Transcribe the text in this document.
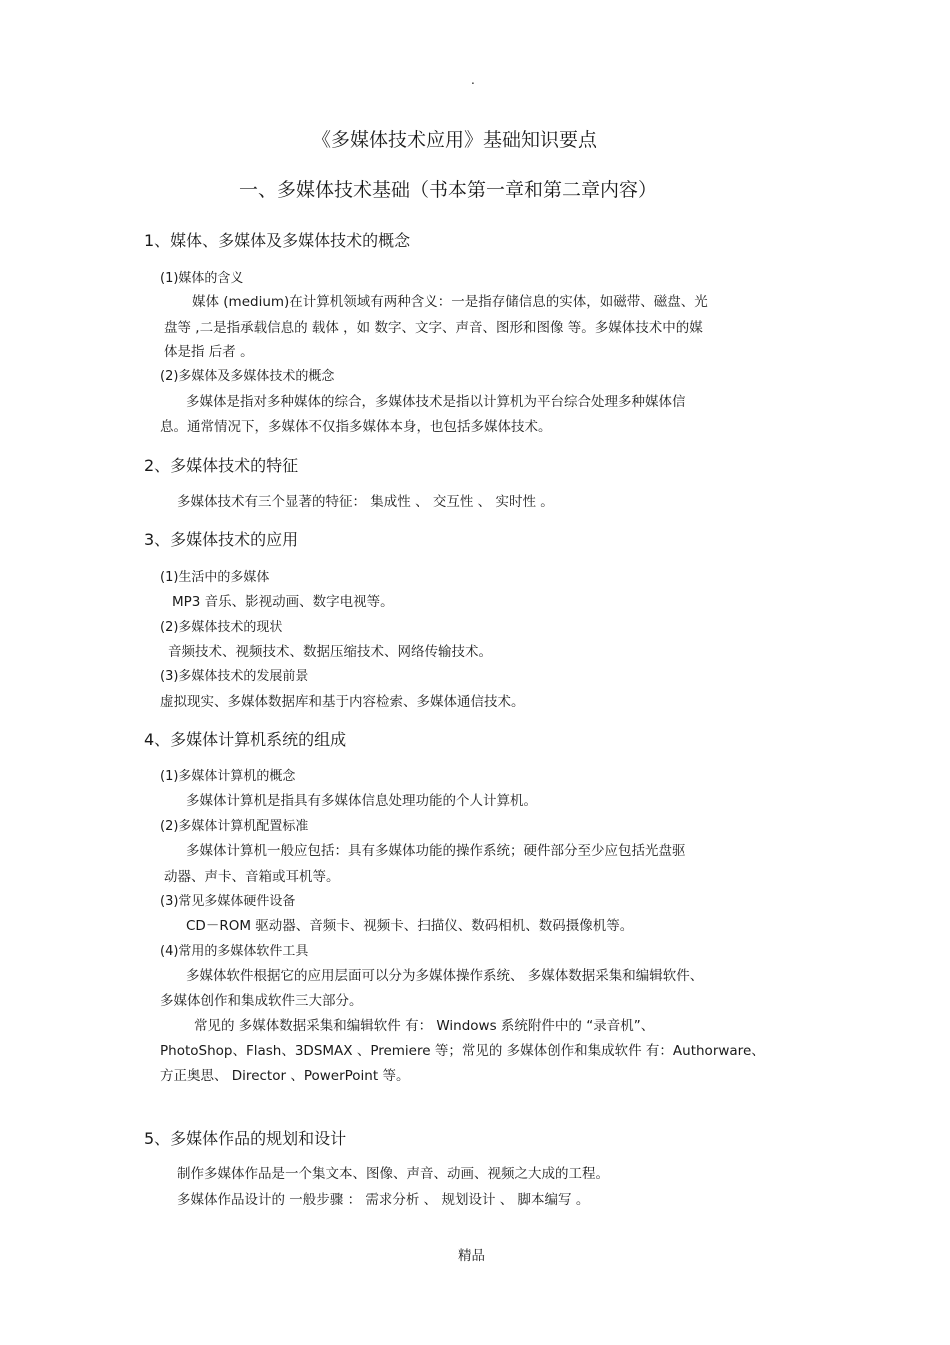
.
《多媒体技术应用》基础知识要点
一、多媒体技术基础（书本第一章和第二章内容）
1、媒体、多媒体及多媒体技术的概念
(1)媒体的含义
媒体 (medium)在计算机领域有两种含义：一是指存储信息的实体，如磁带、磁盘、光
盘等 ,二是指承载信息的 载体 ，如 数字、文字、声音、图形和图像 等。多媒体技术中的媒
体是指 后者 。
(2)多媒体及多媒体技术的概念
多媒体是指对多种媒体的综合，多媒体技术是指以计算机为平台综合处理多种媒体信
息。通常情况下，多媒体不仅指多媒体本身，也包括多媒体技术。
2、多媒体技术的特征
多媒体技术有三个显著的特征： 集成性 、 交互性 、 实时性 。
3、多媒体技术的应用
(1)生活中的多媒体
MP3 音乐、影视动画、数字电视等。
(2)多媒体技术的现状
音频技术、视频技术、数据压缩技术、网络传输技术。
(3)多媒体技术的发展前景
虚拟现实、多媒体数据库和基于内容检索、多媒体通信技术。
4、多媒体计算机系统的组成
(1)多媒体计算机的概念
多媒体计算机是指具有多媒体信息处理功能的个人计算机。
(2)多媒体计算机配置标准
多媒体计算机一般应包括：具有多媒体功能的操作系统；硬件部分至少应包括光盘驱
动器、声卡、音箱或耳机等。
(3)常见多媒体硬件设备
CD－ROM 驱动器、音频卡、视频卡、扫描仪、数码相机、数码摄像机等。
(4)常用的多媒体软件工具
多媒体软件根据它的应用层面可以分为多媒体操作系统、 多媒体数据采集和编辑软件、
多媒体创作和集成软件三大部分。
常见的 多媒体数据采集和编辑软件 有： Windows 系统附件中的 “录音机”、
PhotoShop、Flash、3DSMAX 、Premiere 等；常见的 多媒体创作和集成软件 有：Authorware、
方正奥思、 Director 、PowerPoint 等。
5、多媒体作品的规划和设计
制作多媒体作品是一个集文本、图像、声音、动画、视频之大成的工程。
多媒体作品设计的 一般步骤 ： 需求分析 、 规划设计 、 脚本编写 。
精品
